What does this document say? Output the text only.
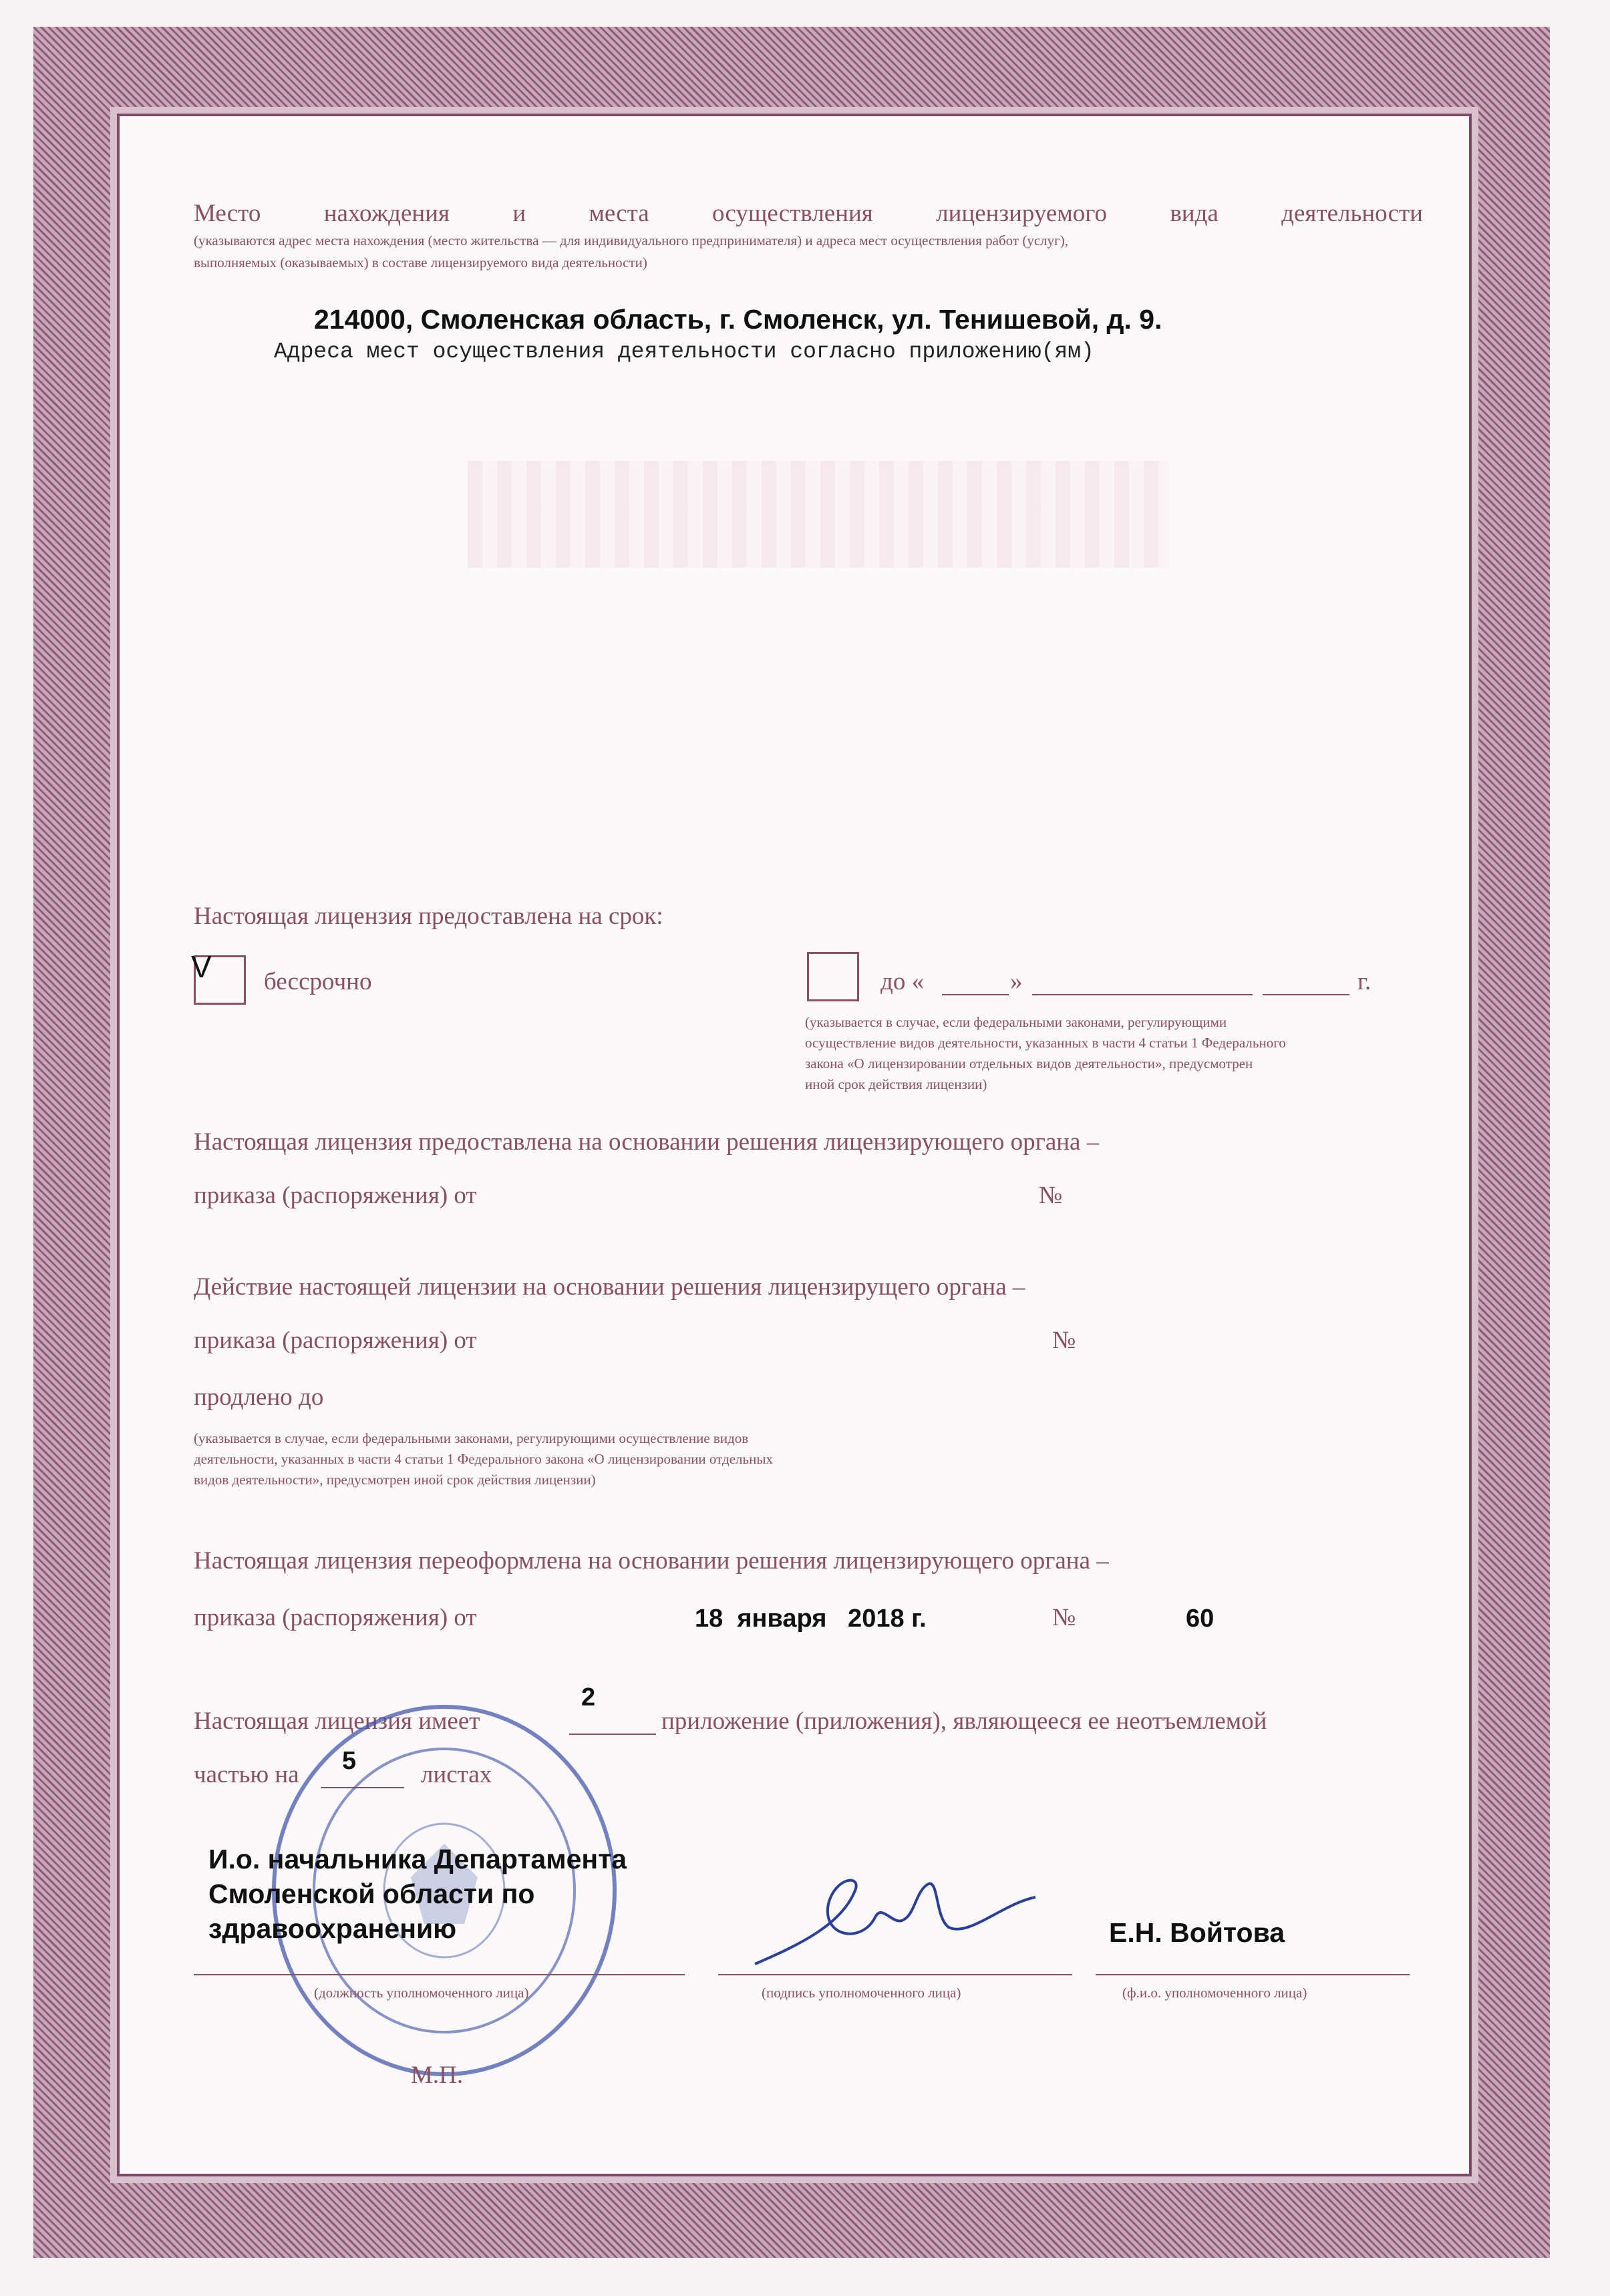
Место нахождения и места осуществления лицензируемого вида деятельности
(указываются адрес места нахождения (место жительства — для индивидуального предпринимателя) и адреса мест осуществления работ (услуг),
выполняемых (оказываемых) в составе лицензируемого вида деятельности)
214000, Смоленская область, г. Смоленск, ул. Тенишевой, д. 9.
Адреса мест осуществления деятельности согласно приложению(ям)
Настоящая лицензия предоставлена на срок:
V бессрочно	до «	»	г.
(указывается в случае, если федеральными законами, регулирующими
осуществление видов деятельности, указанных в части 4 статьи 1 Федерального
закона «О лицензировании отдельных видов деятельности», предусмотрен
иной срок действия лицензии)
Настоящая лицензия предоставлена на основании решения лицензирующего органа –
приказа (распоряжения) от	№
Действие настоящей лицензии на основании решения лицензирущего органа –
приказа (распоряжения) от	№
продлено до
(указывается в случае, если федеральными законами, регулирующими осуществление видов
деятельности, указанных в части 4 статьи 1 Федерального закона «О лицензировании отдельных
видов деятельности», предусмотрен иной срок действия лицензии)
Настоящая лицензия переоформлена на основании решения лицензирующего органа –
приказа (распоряжения) от	18  января   2018 г.	№	60
Настоящая лицензия имеет
2
приложение (приложения), являющееся ее неотъемлемой
частью на 5	листах
И.о. начальника Департамента
Смоленской области по
здравоохранению	Е.Н. Войтова
(должность уполномоченного лица)	(подпись уполномоченного лица)	(ф.и.о. уполномоченного лица)
М.П.
